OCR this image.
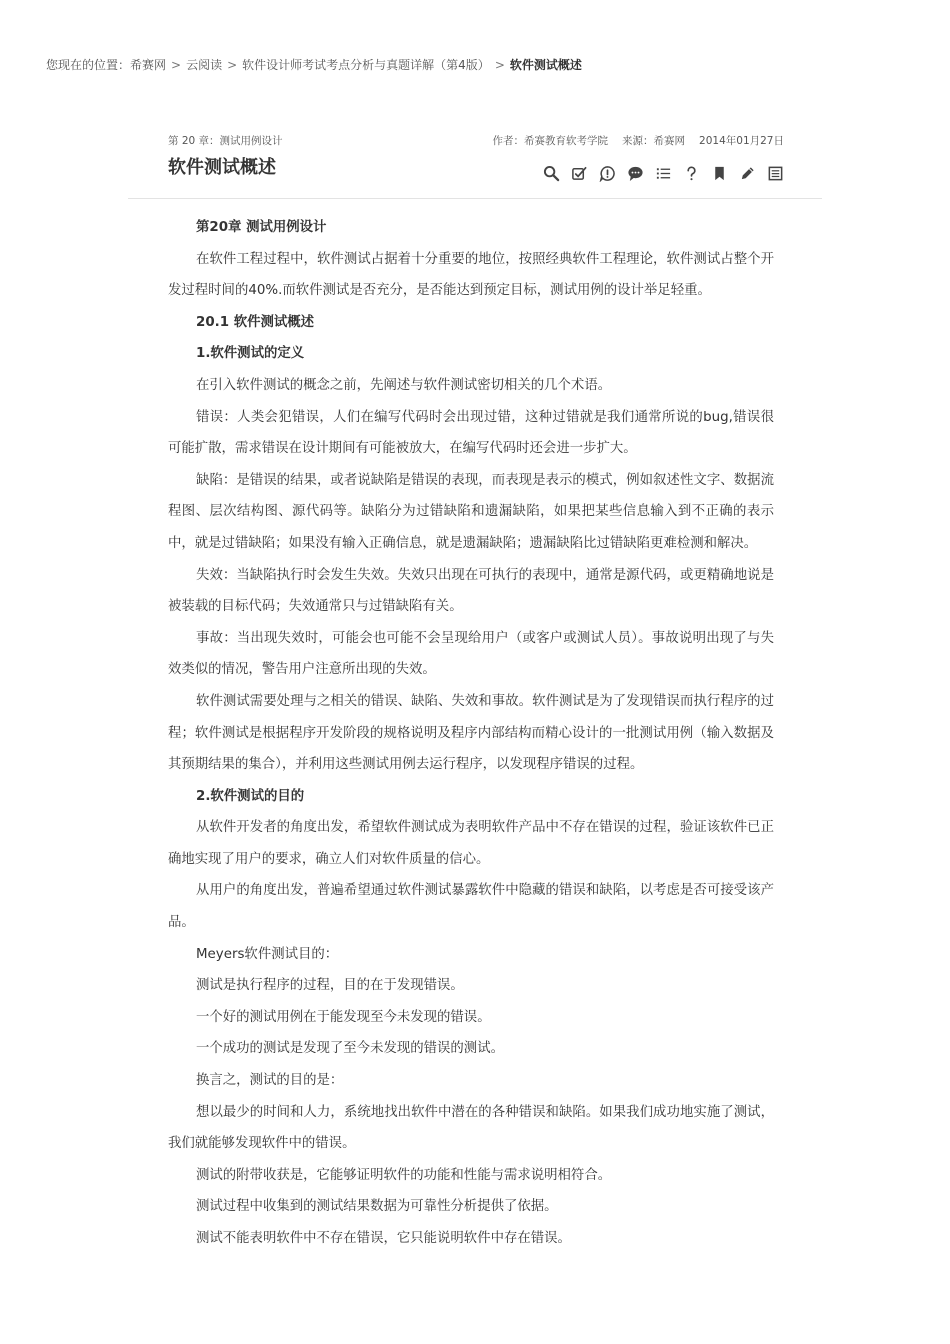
您现在的位置：希赛网 > 云阅读 > 软件设计师考试考点分析与真题详解（第4版） > 软件测试概述
第 20 章：测试用例设计	作者：希赛教育软考学院 来源：希赛网 2014年01月27日
软件测试概述

第20章 测试用例设计

在软件工程过程中，软件测试占据着十分重要的地位，按照经典软件工程理论，软件测试占整个开发过程时间的40%.而软件测试是否充分，是否能达到预定目标，测试用例的设计举足轻重。

20.1 软件测试概述

1.软件测试的定义

在引入软件测试的概念之前，先阐述与软件测试密切相关的几个术语。

错误：人类会犯错误，人们在编写代码时会出现过错，这种过错就是我们通常所说的bug,错误很可能扩散，需求错误在设计期间有可能被放大，在编写代码时还会进一步扩大。

缺陷：是错误的结果，或者说缺陷是错误的表现，而表现是表示的模式，例如叙述性文字、数据流程图、层次结构图、源代码等。缺陷分为过错缺陷和遗漏缺陷，如果把某些信息输入到不正确的表示中，就是过错缺陷；如果没有输入正确信息，就是遗漏缺陷；遗漏缺陷比过错缺陷更难检测和解决。

失效：当缺陷执行时会发生失效。失效只出现在可执行的表现中，通常是源代码，或更精确地说是被装载的目标代码；失效通常只与过错缺陷有关。

事故：当出现失效时，可能会也可能不会呈现给用户（或客户或测试人员）。事故说明出现了与失效类似的情况，警告用户注意所出现的失效。

软件测试需要处理与之相关的错误、缺陷、失效和事故。软件测试是为了发现错误而执行程序的过程；软件测试是根据程序开发阶段的规格说明及程序内部结构而精心设计的一批测试用例（输入数据及其预期结果的集合），并利用这些测试用例去运行程序，以发现程序错误的过程。

2.软件测试的目的

从软件开发者的角度出发，希望软件测试成为表明软件产品中不存在错误的过程，验证该软件已正确地实现了用户的要求，确立人们对软件质量的信心。

从用户的角度出发，普遍希望通过软件测试暴露软件中隐藏的错误和缺陷，以考虑是否可接受该产品。

Meyers软件测试目的：

测试是执行程序的过程，目的在于发现错误。

一个好的测试用例在于能发现至今未发现的错误。

一个成功的测试是发现了至今未发现的错误的测试。

换言之，测试的目的是：

想以最少的时间和人力，系统地找出软件中潜在的各种错误和缺陷。如果我们成功地实施了测试，我们就能够发现软件中的错误。

测试的附带收获是，它能够证明软件的功能和性能与需求说明相符合。

测试过程中收集到的测试结果数据为可靠性分析提供了依据。

测试不能表明软件中不存在错误，它只能说明软件中存在错误。
